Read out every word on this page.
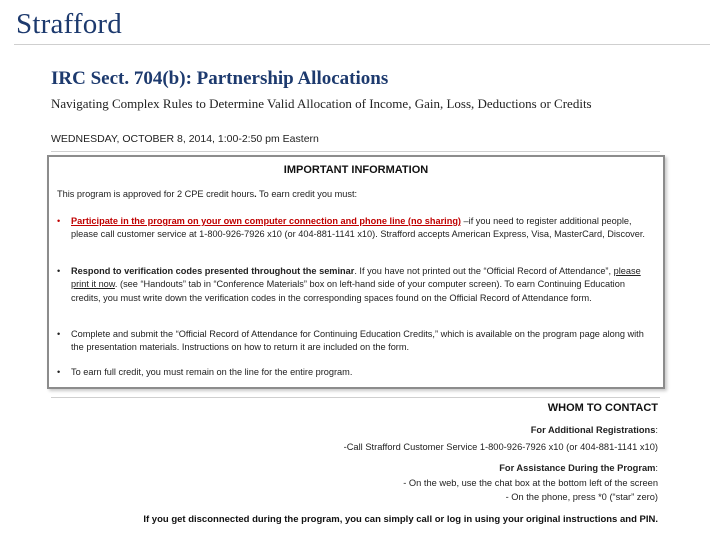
Strafford
IRC Sect. 704(b): Partnership Allocations
Navigating Complex Rules to Determine Valid Allocation of Income, Gain, Loss, Deductions or Credits
WEDNESDAY, OCTOBER 8, 2014, 1:00-2:50 pm Eastern
IMPORTANT INFORMATION
This program is approved for 2 CPE credit hours. To earn credit you must:
•	Participate in the program on your own computer connection and phone line (no sharing) –if you need to register additional people, please call customer service at 1-800-926-7926 x10 (or 404-881-1141 x10). Strafford accepts American Express, Visa, MasterCard, Discover.
•	Respond to verification codes presented throughout the seminar. If you have not printed out the “Official Record of Attendance”, please print it now. (see “Handouts” tab in “Conference Materials” box on left-hand side of your computer screen). To earn Continuing Education credits, you must write down the verification codes in the corresponding spaces found on the Official Record of Attendance form.
•	Complete and submit the “Official Record of Attendance for Continuing Education Credits,” which is available on the program page along with the presentation materials. Instructions on how to return it are included on the form.
•	To earn full credit, you must remain on the line for the entire program.
WHOM TO CONTACT
For Additional Registrations:
-Call Strafford Customer Service 1-800-926-7926 x10 (or 404-881-1141 x10)
For Assistance During the Program:
- On the web, use the chat box at the bottom left of the screen
- On the phone, press *0 (“star” zero)
If you get disconnected during the program, you can simply call or log in using your original instructions and PIN.
